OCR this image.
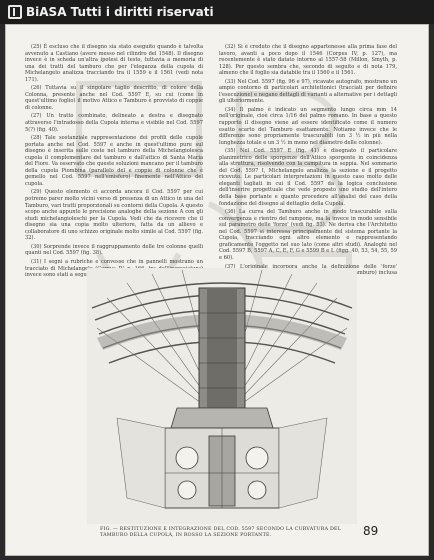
BiASA Tutti i diritti riservati

(25) È escluso che il disegno sia stato eseguito quando è talvolta avvenuto a Castiano (avere messo nel cilindro del 1548). Il disegno invece è in scheda un'altra ipotesi di testo, tuttavia a memoria di una dei tratti del tamburo che per l'eleganza della cupola di Michelangelo analizza tracciando tra il 1559 e il 1561 (vedi nota 171).

(26) Tuttavia su il singolare taglio descritto, di colore della Colonna, presente anche nel Cod. 5597 E, su cui (come in quest'ultimo foglio) il motivo Attico e Tamburo è provvisto di coppie di colonne.

(27) Un tratto combinato, delineato a destra e disegnato attraverso l'intradosso della Cupola interna e visibile nel Cod. 5597 5(?) (fig. 40).

(28) Tale sostanziale rappresentazione dei profili delle cupole portata anche nel Cod. 5597 e anche in quest'ultimo pure sul disegno è inserita sulle coste nel tamburo della Michelangiolesca cupola il complementare del tamburo e dall'attico di Santa Maria del Fiore. Va osservato che queste soluzioni mancano per il tamburo della cupola Piombina (parallelo del e coppie di colonne che è gemello nel Cod. 5597 nell'emisfero) finemente nell'Attico del cupola.

(29) Questo elemento ci accorda ancora il Cod. 5597 per cui potremo parer molto vicini verso di presenza di un Attico in una del Tamburo, vari tratti proporzionali su contorni della Cupola. A questo scopo anche appunto le precisione analoghe della sezione A con gli studi michelangioleschi per la Cupola. Vedi che da ricevere che il disegno sia una copia molto ulteriore, fatta da un allievo e collaboratore di uno schizzo originale molto simile al Cod. 5597 (fig. 32).

(30) Sorprende invece il raggruppamento delle tre colonne quelli quanti nel Cod. 5597 (fig. 38).

(31) I segni a rubriche e convesse che in pannelli mostrano un tracciato di Michelangelo (Corpus IV, p. 166, tra dell'incrociatura) invece sono stati a seguire considerati gli ripetuti (Inserito?, p. 172).

(32) Si è creduto che il disegno appartenesse alla prima fase del lavoro, avanti a poco dopo il 1546 (Corpus IV, p. 127), ma recentemente è stato datato intorno al 1557-58 (Millon, Smyth, p. 128). Per questo sembra che, secondo di seguito e di nota 179, almeno che il foglio sia databile tra il 1560 e il 1561.

(33) Nel Cod. 5597 (fig. 96 e 97), ricavate autografo, mostrano un ampio contorno di particolari architettonici (tracciati per definire l'esecuzione) e negano dettagli di varianti a alternative per i dettagli gli ulteriormente.

(34) Il palmo è indicato un segmento lungo circa mm 14 nell'originale, cioè circa 1/16 del palmo romano. In base a questo rapporto il disegno viene ad essere identificato come il numero esatto scarto del Tamburo esattamente. Notiamo invece che le differenze sono propriamente trascurabili (un 3 ½ in più nella lunghezza totale e un 3 ½ in meno nel diametro delle colonne).

(35) Nel Cod. 5597 E (fig. 41) è disegnato il particolare planimetrico delle sporgenze dell'Attico sporgente in coincidenza alla struttura, risolvendo con la campitura in seppia. Nel sommario del Cod. 5597 I, Michelangelo analizza la sezione e il progetto ricevuto. Le particolari interpretazioni in questo caso molto delle eleganti tagliati in cui il Cod. 5597 da la logica conclusione dell'inserire progettuale che vede proposto uno studio dell'intero della base portante e quanto procedere all'analisi del caso della fondazione del disegno al dettaglio della Cupola.

(36) La curva del Tamburo anche in modo trascurabile sulla convergenza e rientro del rampone, ma la invece in modo sensibile sul parametro delle 'forze' (vedi fig. 53). Ne deriva che l'Architetto nel Cod. 5597 si interessa principalmente del sistema portante la Cupola, tracciando ogni altro elemento e rappresentando graficamente l'oggetto nel suo lato (come altri studi). Analoghi nel Cod. 5597 B, 5597 A, C, E, F, G e 5599 B e I. (figg. 40, 53, 54, 55, 59 e 60).

(37) L'originale incorpora anche la definizione delle 'forze' (elemento fondamentale per il completamento del Tamburo) inclusa che il rilievo dello scarto del Cod. 5597 inventati.

FIG. — RESTITUZIONE E INTEGRAZIONE DEL COD. 5597 SECONDO LA CURVATURA DEL TAMBURO DELLA CUPOLA, IN ROSSO LA SEZIONE PORTANTE.	89
